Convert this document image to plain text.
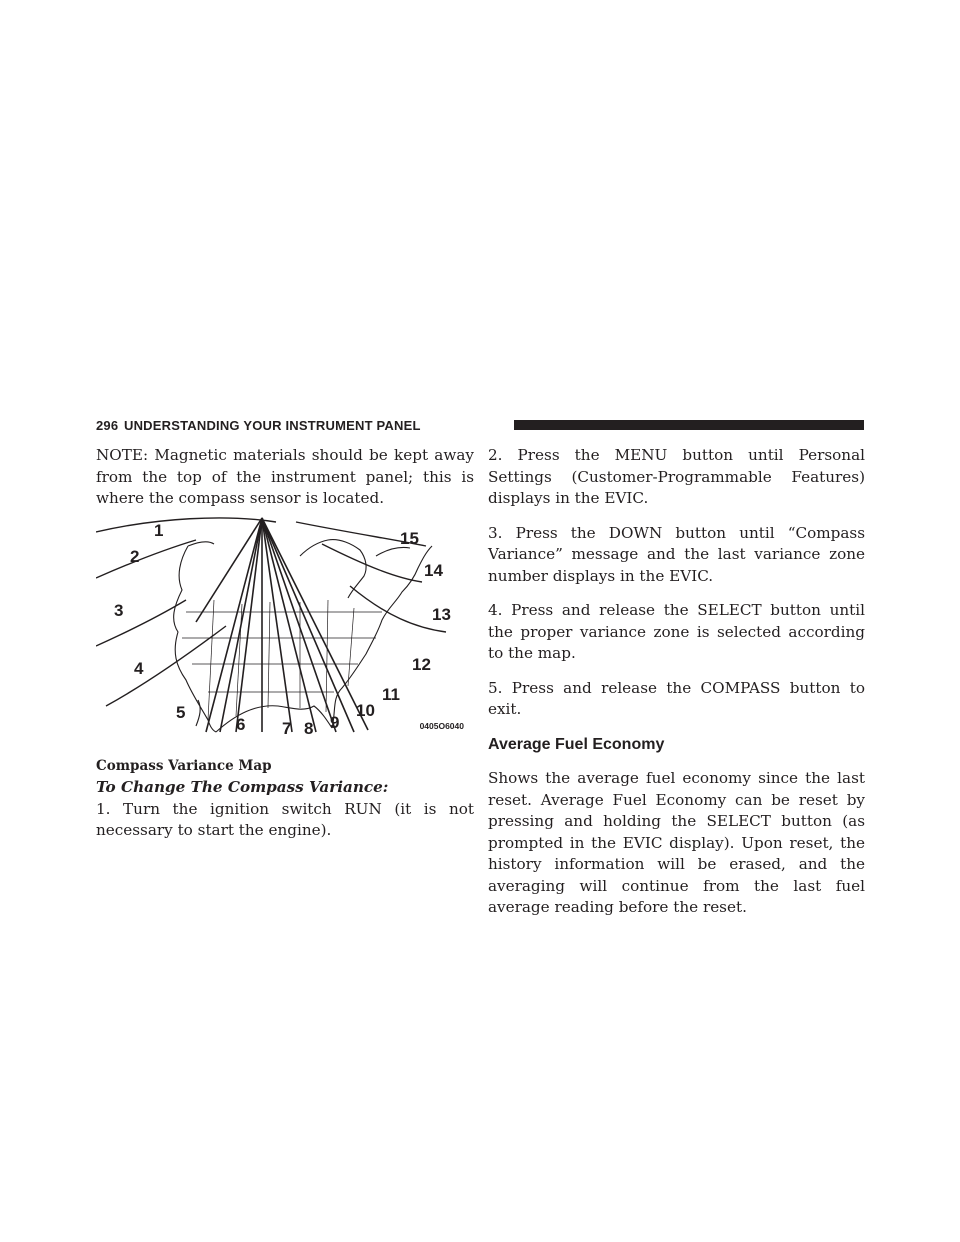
296 UNDERSTANDING YOUR INSTRUMENT PANEL

NOTE: Magnetic materials should be kept away from the top of the instrument panel; this is where the compass sensor is located.

1
2
3
4
5
6 7 8 9
10
11
12
13
14
15
0405O6040

Compass Variance Map

To Change The Compass Variance:

1. Turn the ignition switch RUN (it is not necessary to start the engine).

2. Press the MENU button until Personal Settings (Customer-Programmable Features) displays in the EVIC.

3. Press the DOWN button until “Compass Variance” message and the last variance zone number displays in the EVIC.

4. Press and release the SELECT button until the proper variance zone is selected according to the map.

5. Press and release the COMPASS button to exit.

Average Fuel Economy

Shows the average fuel economy since the last reset. Average Fuel Economy can be reset by pressing and holding the SELECT button (as prompted in the EVIC display). Upon reset, the history information will be erased, and the averaging will continue from the last fuel average reading before the reset.
